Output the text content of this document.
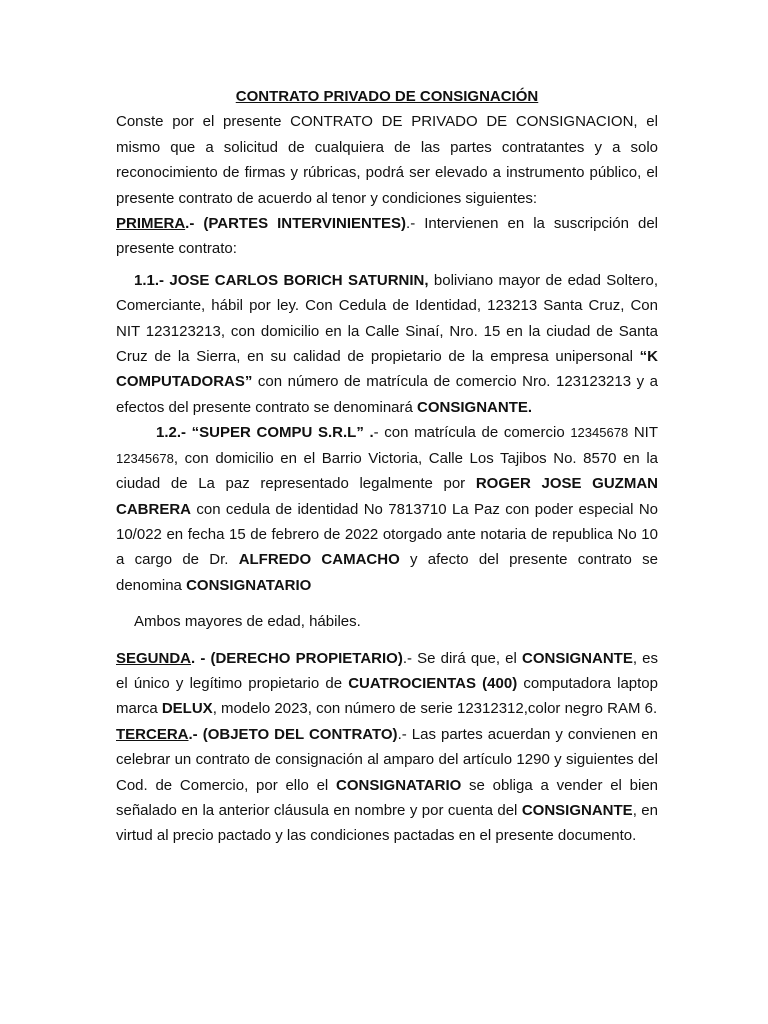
CONTRATO PRIVADO DE CONSIGNACIÓN

Conste por el presente CONTRATO DE PRIVADO DE CONSIGNACION, el mismo que a solicitud de cualquiera de las partes contratantes y a solo reconocimiento de firmas y rúbricas, podrá ser elevado a instrumento público, el presente contrato de acuerdo al tenor y condiciones siguientes:

PRIMERA.- (PARTES INTERVINIENTES).- Intervienen en la suscripción del presente contrato:

1.1.- JOSE CARLOS BORICH SATURNIN, boliviano mayor de edad Soltero, Comerciante, hábil por ley. Con Cedula de Identidad, 123213 Santa Cruz, Con NIT 123123213, con domicilio en la Calle Sinaí, Nro. 15 en la ciudad de Santa Cruz de la Sierra, en su calidad de propietario de la empresa unipersonal “K COMPUTADORAS” con número de matrícula de comercio Nro. 123123213 y a efectos del presente contrato se denominará CONSIGNANTE.

1.2.- “SUPER COMPU S.R.L” .- con matrícula de comercio 12345678 NIT 12345678, con domicilio en el Barrio Victoria, Calle Los Tajibos No. 8570 en la ciudad de La paz representado legalmente por ROGER JOSE GUZMAN CABRERA con cedula de identidad No 7813710 La Paz con poder especial No 10/022 en fecha 15 de febrero de 2022 otorgado ante notaria de republica No 10 a cargo de Dr. ALFREDO CAMACHO y afecto del presente contrato se denomina CONSIGNATARIO

Ambos mayores de edad, hábiles.

SEGUNDA. - (DERECHO PROPIETARIO).- Se dirá que, el CONSIGNANTE, es el único y legítimo propietario de CUATROCIENTAS (400) computadora laptop marca DELUX, modelo 2023, con número de serie 12312312,color negro RAM 6.

TERCERA.- (OBJETO DEL CONTRATO).- Las partes acuerdan y convienen en celebrar un contrato de consignación al amparo del artículo 1290 y siguientes del Cod. de Comercio, por ello el CONSIGNATARIO se obliga a vender el bien señalado en la anterior cláusula en nombre y por cuenta del CONSIGNANTE, en virtud al precio pactado y las condiciones pactadas en el presente documento.
